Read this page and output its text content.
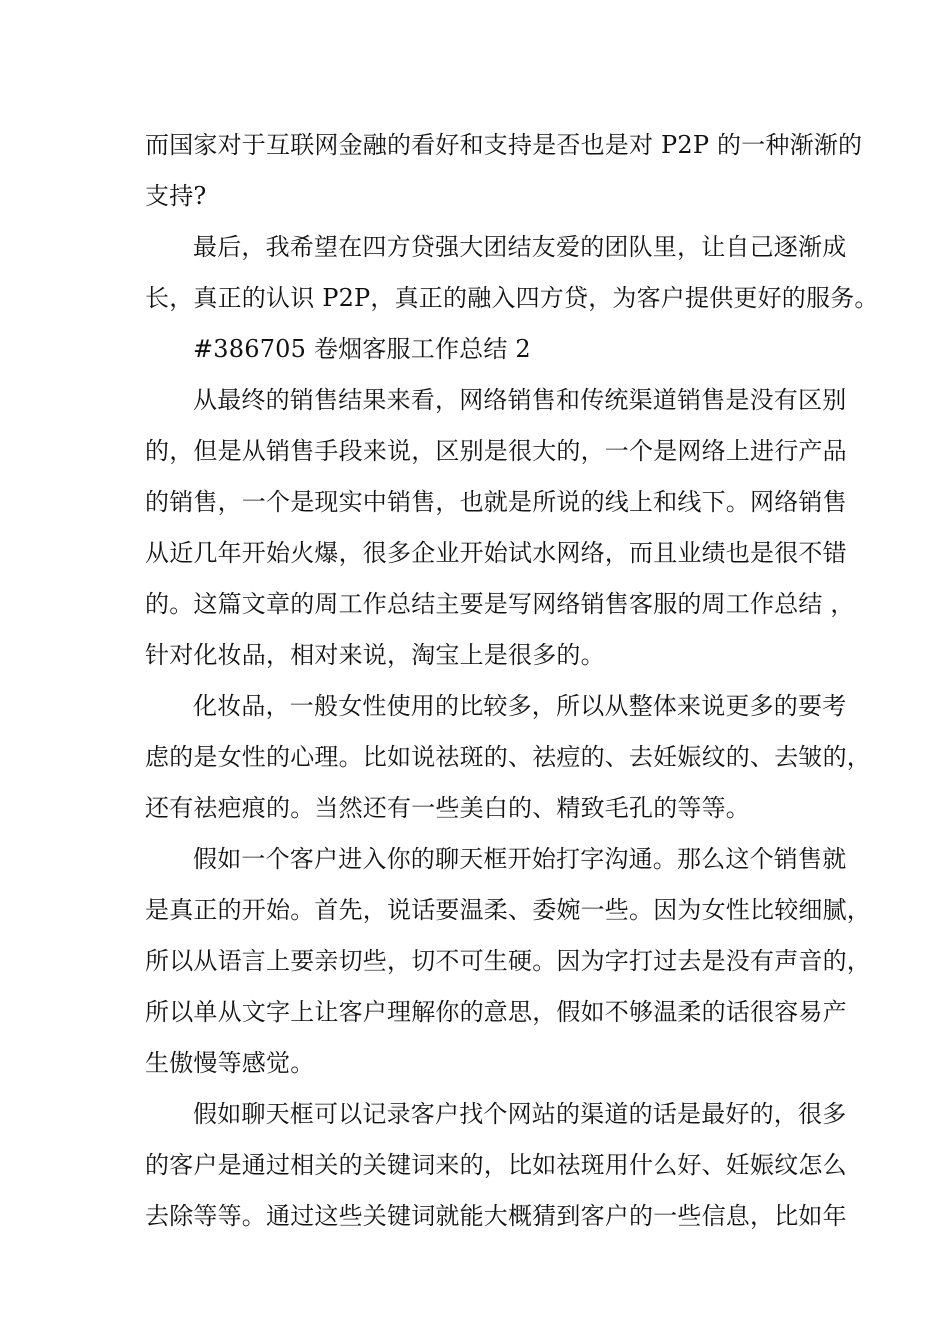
而国家对于互联网金融的看好和支持是否也是对 P2P 的一种渐渐的
支持?
最后，我希望在四方贷强大团结友爱的团队里，让自己逐渐成
长，真正的认识 P2P，真正的融入四方贷，为客户提供更好的服务。
#386705 卷烟客服工作总结 2
从最终的销售结果来看，网络销售和传统渠道销售是没有区别
的，但是从销售手段来说，区别是很大的，一个是网络上进行产品
的销售，一个是现实中销售，也就是所说的线上和线下。网络销售
从近几年开始火爆，很多企业开始试水网络，而且业绩也是很不错
的。这篇文章的周工作总结主要是写网络销售客服的周工作总结 ，
针对化妆品，相对来说，淘宝上是很多的。
化妆品，一般女性使用的比较多，所以从整体来说更多的要考
虑的是女性的心理。比如说祛斑的、祛痘的、去妊娠纹的、去皱的，
还有祛疤痕的。当然还有一些美白的、精致毛孔的等等。
假如一个客户进入你的聊天框开始打字沟通。那么这个销售就
是真正的开始。首先，说话要温柔、委婉一些。因为女性比较细腻，
所以从语言上要亲切些，切不可生硬。因为字打过去是没有声音的，
所以单从文字上让客户理解你的意思，假如不够温柔的话很容易产
生傲慢等感觉。
假如聊天框可以记录客户找个网站的渠道的话是最好的，很多
的客户是通过相关的关键词来的，比如祛斑用什么好、妊娠纹怎么
去除等等。通过这些关键词就能大概猜到客户的一些信息，比如年
